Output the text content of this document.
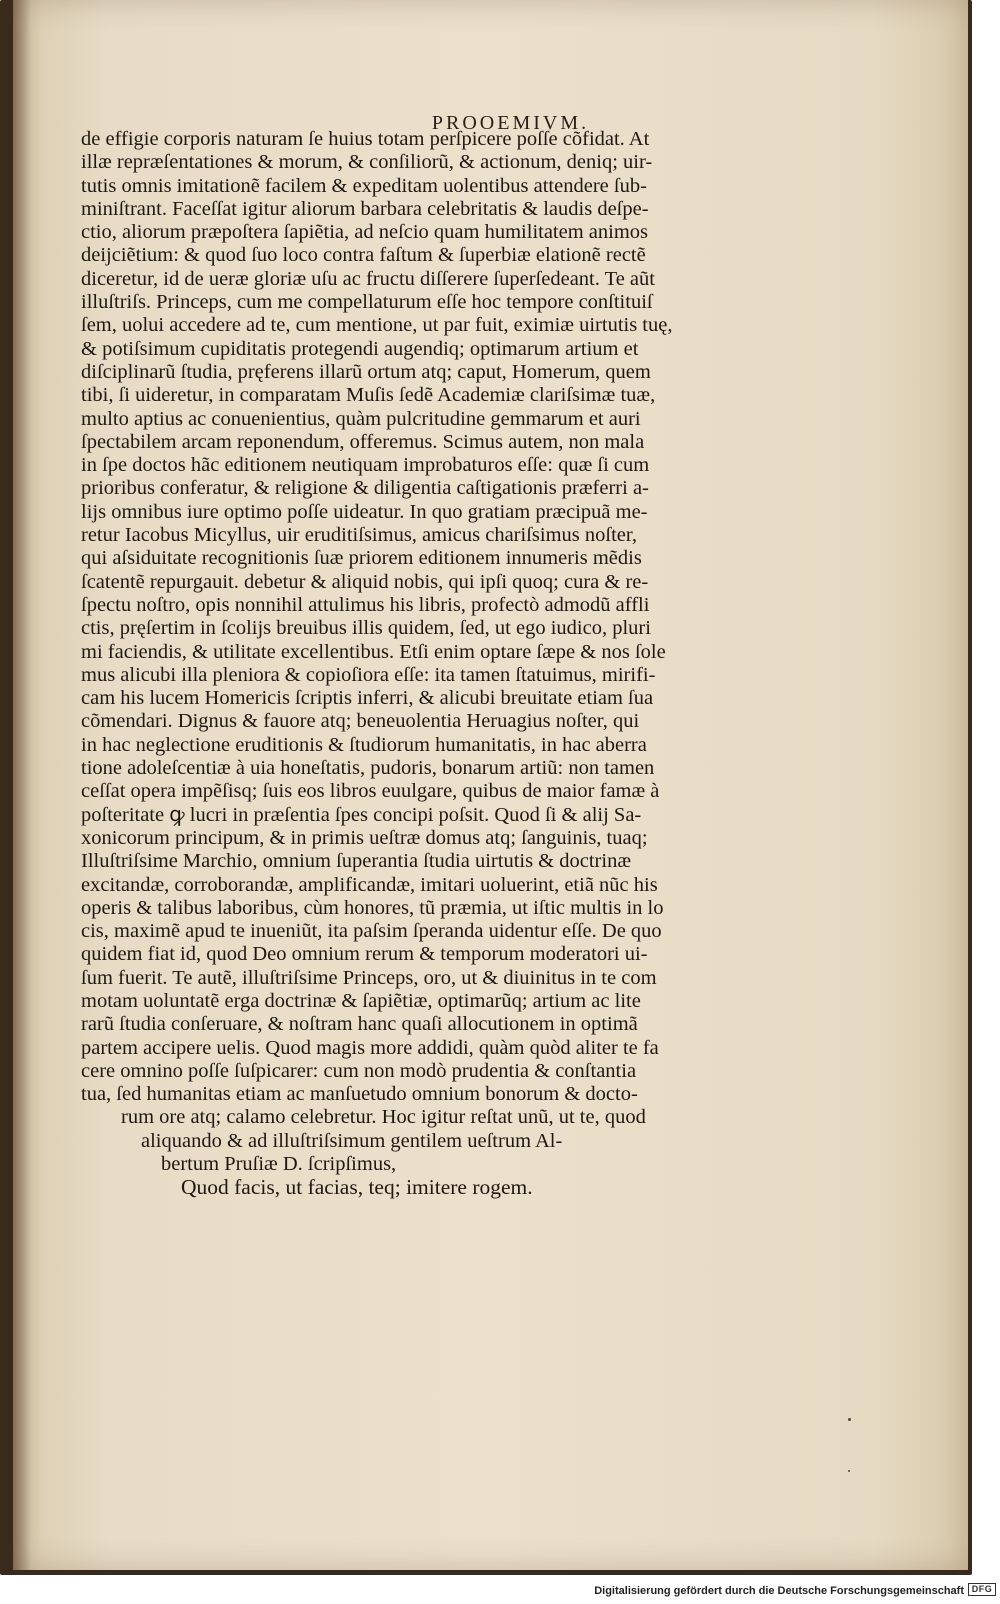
PROOEMIVM.
de effigie corporis naturam ſe huius totam perſpicere poſſe cõfidat. At
illæ repræſentationes & morum, & conſiliorũ, & actionum, deniq; uir-
tutis omnis imitationẽ facilem & expeditam uolentibus attendere ſub-
miniſtrant. Faceſſat igitur aliorum barbara celebritatis & laudis deſpe-
ctio, aliorum præpoſtera ſapiẽtia, ad neſcio quam humilitatem animos
deijciẽtium: & quod ſuo loco contra faſtum & ſuperbiæ elationẽ rectẽ
diceretur, id de ueræ gloriæ uſu ac fructu diſſerere ſuperſedeant. Te aũt
illuſtriſs. Princeps, cum me compellaturum eſſe hoc tempore conſtituiſ
ſem, uolui accedere ad te, cum mentione, ut par fuit, eximiæ uirtutis tuę,
& potiſsimum cupiditatis protegendi augendiq; optimarum artium et
diſciplinarũ ſtudia, pręferens illarũ ortum atq; caput, Homerum, quem
tibi, ſi uideretur, in comparatam Muſis ſedẽ Academiæ clariſsimæ tuæ,
multo aptius ac conuenientius, quàm pulcritudine gemmarum et auri
ſpectabilem arcam reponendum, offeremus. Scimus autem, non mala
in ſpe doctos hãc editionem neutiquam improbaturos eſſe: quæ ſi cum
prioribus conferatur, & religione & diligentia caſtigationis præferri a-
lijs omnibus iure optimo poſſe uideatur. In quo gratiam præcipuã me-
retur Iacobus Micyllus, uir eruditiſsimus, amicus chariſsimus noſter,
qui aſsiduitate recognitionis ſuæ priorem editionem innumeris mẽdis
ſcatentẽ repurgauit. debetur & aliquid nobis, qui ipſi quoq; cura & re-
ſpectu noſtro, opis nonnihil attulimus his libris, profectò admodũ affli
ctis, pręſertim in ſcolijs breuibus illis quidem, ſed, ut ego iudico, pluri
mi faciendis, & utilitate excellentibus. Etſi enim optare ſæpe & nos ſole
mus alicubi illa pleniora & copioſiora eſſe: ita tamen ſtatuimus, mirifi-
cam his lucem Homericis ſcriptis inferri, & alicubi breuitate etiam ſua
cõmendari. Dignus & fauore atq; beneuolentia Heruagius noſter, qui
in hac neglectione eruditionis & ſtudiorum humanitatis, in hac aberra
tione adoleſcentiæ à uia honeſtatis, pudoris, bonarum artiũ: non tamen
ceſſat opera impẽſisq; ſuis eos libros euulgare, quibus de maior famæ à
poſteritate ꝙ lucri in præſentia ſpes concipi poſsit. Quod ſi & alij Sa-
xonicorum principum, & in primis ueſtræ domus atq; ſanguinis, tuaq;
Illuſtriſsime Marchio, omnium ſuperantia ſtudia uirtutis & doctrinæ
excitandæ, corroborandæ, amplificandæ, imitari uoluerint, etiã nũc his
operis & talibus laboribus, cùm honores, tũ præmia, ut iſtic multis in lo
cis, maximẽ apud te inueniũt, ita paſsim ſperanda uidentur eſſe. De quo
quidem fiat id, quod Deo omnium rerum & temporum moderatori ui-
ſum fuerit. Te autẽ, illuſtriſsime Princeps, oro, ut & diuinitus in te com
motam uoluntatẽ erga doctrinæ & ſapiẽtiæ, optimarũq; artium ac lite
rarũ ſtudia conſeruare, & noſtram hanc quaſi allocutionem in optimã
partem accipere uelis. Quod magis more addidi, quàm quòd aliter te fa
cere omnino poſſe ſuſpicarer: cum non modò prudentia & conſtantia
tua, ſed humanitas etiam ac manſuetudo omnium bonorum & docto-
rum ore atq; calamo celebretur. Hoc igitur reſtat unũ, ut te, quod
aliquando & ad illuſtriſsimum gentilem ueſtrum Al-
bertum Pruſiæ D. ſcripſimus,
Quod facis, ut facias, teq; imitere rogem.
Digitalisierung gefördert durch die Deutsche Forschungsgemeinschaft DFG
